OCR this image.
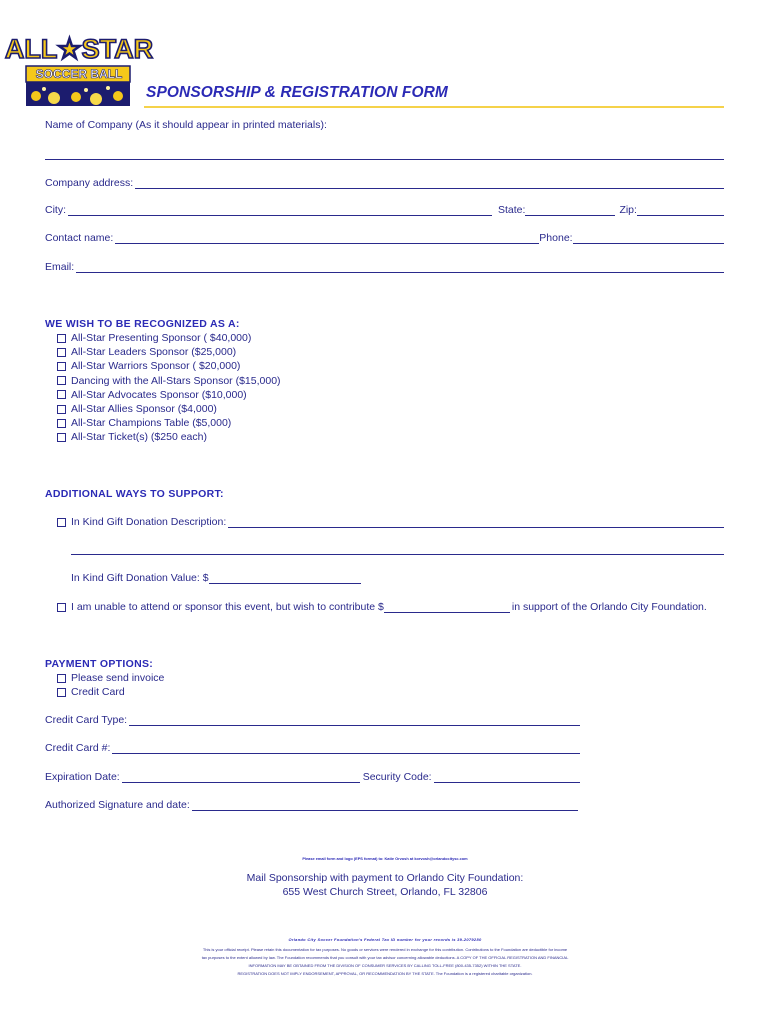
ALL★STAR
SOCCER BALL
SPONSORSHIP & REGISTRATION FORM
Name of Company (As it should appear in printed materials):
Company address:
City:	State:	Zip:
Contact name:	Phone:
Email:
WE WISH TO BE RECOGNIZED AS A:
All-Star Presenting Sponsor ( $40,000)
All-Star Leaders Sponsor ($25,000)
All-Star Warriors Sponsor ( $20,000)
Dancing with the All-Stars Sponsor ($15,000)
All-Star Advocates Sponsor ($10,000)
All-Star Allies Sponsor ($4,000)
All-Star Champions Table ($5,000)
All-Star Ticket(s) ($250 each)
ADDITIONAL WAYS TO SUPPORT:
In Kind Gift Donation Description:
In Kind Gift Donation Value: $
I am unable to attend or sponsor this event, but wish to contribute $	in support of the Orlando City Foundation.
PAYMENT OPTIONS:
Please send invoice
Credit Card
Credit Card Type:
Credit Card #:
Expiration Date:	Security Code:
Authorized Signature and date:
Please email form and logo (EPS format) to: Katie Orvosh at korvosh@orlandocitysc.com
Mail Sponsorship with payment to Orlando City Foundation:
655 West Church Street, Orlando, FL 32806
Orlando City Soccer Foundation's Federal Tax ID number for your records is 39-2079280
This is your official receipt. Please retain this documentation for tax purposes. No goods or services were rendered in exchange for this contribution. Contributions to the Foundation are deductible for income
tax purposes to the extent allowed by law. The Foundation recommends that you consult with your tax advisor concerning allowable deductions. A COPY OF THE OFFICIAL REGISTRATION AND FINANCIAL
INFORMATION MAY BE OBTAINED FROM THE DIVISION OF CONSUMER SERVICES BY CALLING TOLL-FREE (800-435-7352) WITHIN THE STATE.
REGISTRATION DOES NOT IMPLY ENDORSEMENT, APPROVAL, OR RECOMMENDATION BY THE STATE. The Foundation is a registered charitable organization.
